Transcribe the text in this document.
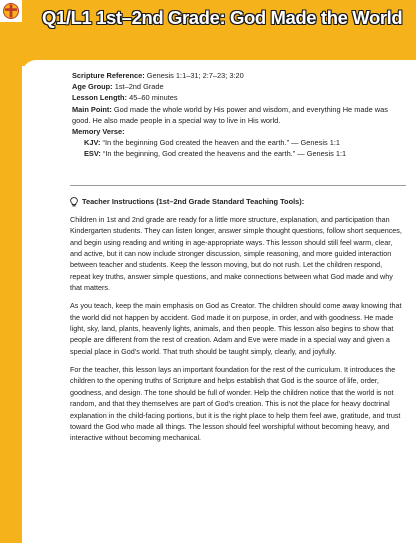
Q1/L1 1st–2nd Grade: God Made the World

Scripture Reference: Genesis 1:1–31; 2:7–23; 3:20

Age Group: 1st–2nd Grade

Lesson Length: 45–60 minutes

Main Point: God made the whole world by His power and wisdom, and everything He made was good. He also made people in a special way to live in His world.

Memory Verse:

KJV: “In the beginning God created the heaven and the earth.” — Genesis 1:1

ESV: “In the beginning, God created the heavens and the earth.” — Genesis 1:1

Teacher Instructions (1st–2nd Grade Standard Teaching Tools):

Children in 1st and 2nd grade are ready for a little more structure, explanation, and participation than Kindergarten students. They can listen longer, answer simple thought questions, follow short sequences, and begin using reading and writing in age-appropriate ways. This lesson should still feel warm, clear, and active, but it can now include stronger discussion, simple reasoning, and more guided interaction between teacher and students. Keep the lesson moving, but do not rush. Let the children respond, repeat key truths, answer simple questions, and make connections between what God made and why that matters.

As you teach, keep the main emphasis on God as Creator. The children should come away knowing that the world did not happen by accident. God made it on purpose, in order, and with goodness. He made light, sky, land, plants, heavenly lights, animals, and then people. This lesson also begins to show that people are different from the rest of creation. Adam and Eve were made in a special way and given a special place in God’s world. That truth should be taught simply, clearly, and joyfully.

For the teacher, this lesson lays an important foundation for the rest of the curriculum. It introduces the children to the opening truths of Scripture and helps establish that God is the source of life, order, goodness, and design. The tone should be full of wonder. Help the children notice that the world is not random, and that they themselves are part of God’s creation. This is not the place for heavy doctrinal explanation in the child-facing portions, but it is the right place to help them feel awe, gratitude, and trust toward the God who made all things. The lesson should feel worshipful without becoming heavy, and interactive without becoming mechanical.
